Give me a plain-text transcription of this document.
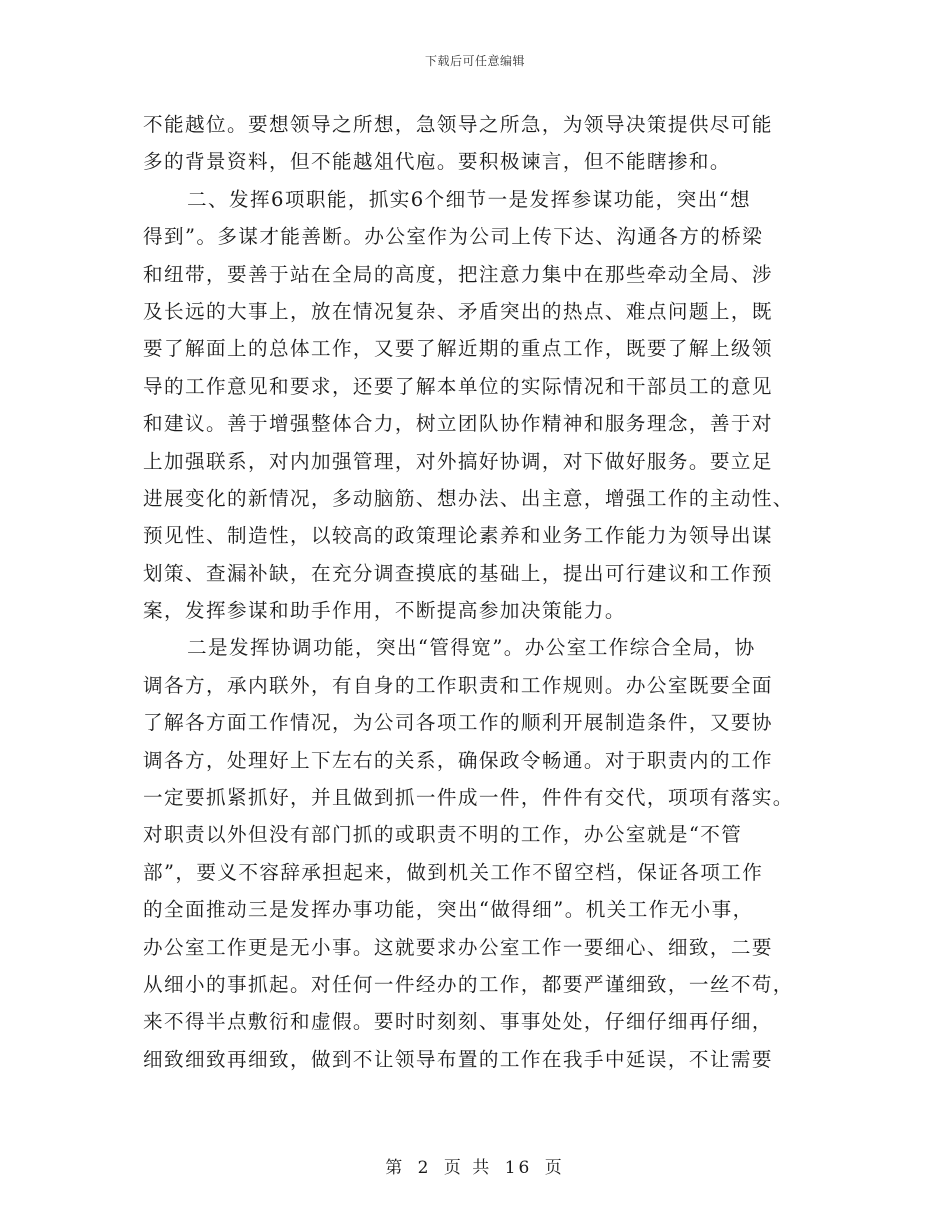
下载后可任意编辑
不能越位。要想领导之所想，急领导之所急，为领导决策提供尽可能
多的背景资料，但不能越俎代庖。要积极谏言，但不能瞎掺和。
二、发挥6项职能，抓实6个细节一是发挥参谋功能，突出“想
得到”。多谋才能善断。办公室作为公司上传下达、沟通各方的桥梁
和纽带，要善于站在全局的高度，把注意力集中在那些牵动全局、涉
及长远的大事上，放在情况复杂、矛盾突出的热点、难点问题上，既
要了解面上的总体工作，又要了解近期的重点工作，既要了解上级领
导的工作意见和要求，还要了解本单位的实际情况和干部员工的意见
和建议。善于增强整体合力，树立团队协作精神和服务理念，善于对
上加强联系，对内加强管理，对外搞好协调，对下做好服务。要立足
进展变化的新情况，多动脑筋、想办法、出主意，增强工作的主动性、
预见性、制造性，以较高的政策理论素养和业务工作能力为领导出谋
划策、查漏补缺，在充分调查摸底的基础上，提出可行建议和工作预
案，发挥参谋和助手作用，不断提高参加决策能力。
二是发挥协调功能，突出“管得宽”。办公室工作综合全局，协
调各方，承内联外，有自身的工作职责和工作规则。办公室既要全面
了解各方面工作情况，为公司各项工作的顺利开展制造条件，又要协
调各方，处理好上下左右的关系，确保政令畅通。对于职责内的工作
一定要抓紧抓好，并且做到抓一件成一件，件件有交代，项项有落实。
对职责以外但没有部门抓的或职责不明的工作，办公室就是“不管
部”，要义不容辞承担起来，做到机关工作不留空档，保证各项工作
的全面推动三是发挥办事功能，突出“做得细”。机关工作无小事，
办公室工作更是无小事。这就要求办公室工作一要细心、细致，二要
从细小的事抓起。对任何一件经办的工作，都要严谨细致，一丝不苟，
来不得半点敷衍和虚假。要时时刻刻、事事处处，仔细仔细再仔细，
细致细致再细致，做到不让领导布置的工作在我手中延误，不让需要
第 2 页 共 16 页
